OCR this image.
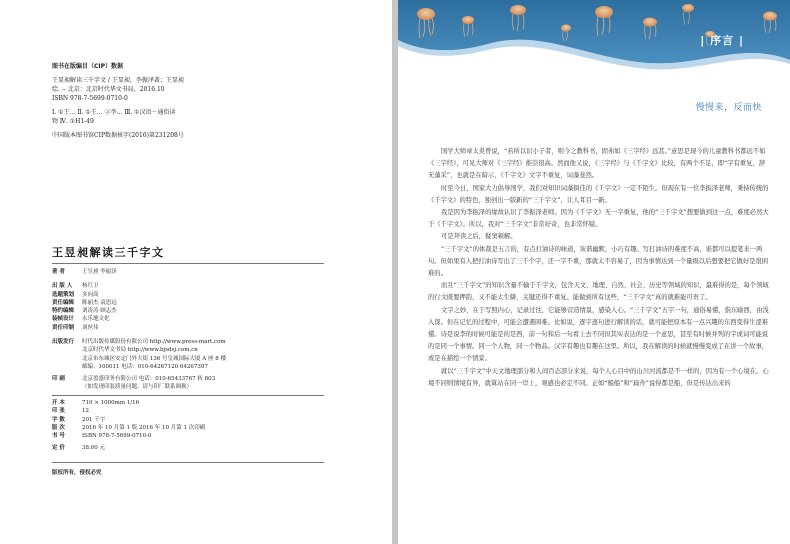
图书在版编目（CIP）数据
王显昶解读三千字文 / 王显昶，李振泽著；王显昶
绘. -- 北京：北京时代华文书局，2016.10
ISBN 978-7-5699-0710-0
Ⅰ. ①王… Ⅱ. ①王… ②李… Ⅲ. ①汉语－通俗读
物 Ⅳ. ①H1-49
中国版本图书馆CIP数据核字(2016)第231208号
王昱昶解读三千字文
著 者	王昱昶 李振泽
出 版 人	杨红卫
选题策划	多向高
责任编辑	陈丽杰 袁思远
特约编辑	刘涛涛 顾志杰
装帧设计	永乐地文化
责任印制	刘丝伟
出版发行	时代出版传媒股份有限公司 http://www.press-mart.com
北京时代华文书局 http://www.bjsdsj.com.cn
北京市东城区安定门外大街 136 号皇城国际大厦 A 座 8 楼
邮编：100011 电话：010-64267120 64267397
印 刷	北京盈盛印务有限公司 电话：010-65433767 转 803
（如发现印装质量问题，请与印厂联系调换）
开 本	710 × 1000mm 1/16
印 张	12
字 数	201 千字
版 次	2016 年 10 月第 1 版 2016 年 10 月第 1 次印刷
书 号	ISBN 978-7-5699-0710-0
定 价	38.00 元
版权所有，侵权必究
| 序言 |
慢慢来，反而快

国学大师章太炎曾说，“若所以识小子者，则今之教科书，固弗如《三字经》远甚。”意思是现今的儿童教科书都远不如《三字经》，可见大师对《三字经》推崇很高。然而他又说，《三字经》与《千字文》比较，有两个不足，即“字有重复，辞无藻采”，也就是在暗示，《千字文》文字不重复，词藻斐然。

时至今日，国家大力倡导国学，我们对知识词藻俱佳的《千字文》一定不陌生。但现在有一位李振泽老师，秉持传统的《千字文》的特色，独创出一版新的“三千字文”，让人耳目一新。

我是因为李振泽的缘故认识了李振泽老师。因为《千字文》无一字重复，他的“三千字文”想要做到这一点，难度必然大于《千字文》。所以，我对“三千字文”非常好奇，也非常怀疑。

可是拜读之后，疑窦顿解。

“三千字文”的体裁是五言的，有点打油诗的味道，诙谐幽默，小巧有趣。写打油诗的难度不高，谁都可以提笔来一两句。但如果有人把打油诗写出了三千个字，还一字不重，那就太不容易了，因为事情达到一个量级以后想要把它做好是很困难的。

而且“三千字文”的知识含量不输于千字文，包含天文、地理、自然、社会、历史等领域的知识，最难得的是，每个领域的行文既要押韵，又不能太生僻，关键还得不重复。能做到所有这些，“三千字文”真的就难能可贵了。

文字之妙，在于写照内心，记录过往，它能够营造情景，感染人心。“三千字文”五字一句，通俗易懂，指东喻西，由浅入深。但在记忆的过程中，可能会遭遇困难。比如说，逐字逐句进行解读的话，就可能把原本有一点兴趣的东西变得生涩难懂。诗是说李的时候可能是的是西，前一句和后一句看上去不同但其实表达的是一个意思，甚至有时候并列的字或词可能说的是同一个事情。同一个人物，同一个物品。汉字有趣也有趣在这里。所以，我在解读的时候就慢慢变成了在讲一个故事，或是在描绘一个情景。

就以“三千字文”中天文地理部分和人间百态部分来说，每个人心目中的山川河流都是不一样的，因为有一个心境在。心境不同则情境有异，就算站在同一岸上，观感也必定不同。正如“船船”和“扁舟”说得都是船，但是传达出来的
